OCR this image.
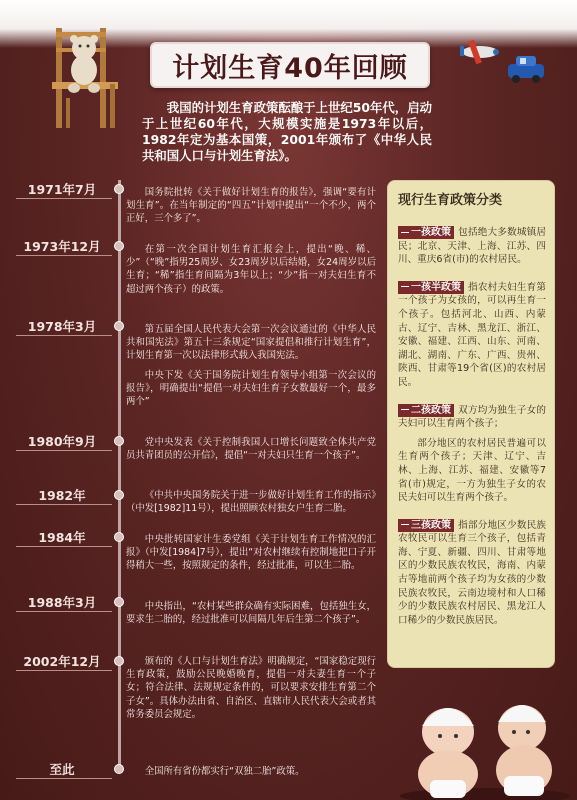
计划生育40年回顾

我国的计划生育政策酝酿于上世纪50年代，启动于上世纪60年代，大规模实施是1973年以后，1982年定为基本国策，2001年颁布了《中华人民共和国人口与计划生育法》。

1971年7月	国务院批转《关于做好计划生育的报告》，强调“要有计划生育”。在当年制定的“四五”计划中提出“一个不少，两个正好，三个多了”。
1973年12月	在第一次全国计划生育汇报会上，提出“晚、稀、少”（“晚”指男25周岁、女23周岁以后结婚，女24周岁以后生育；“稀”指生育间隔为3年以上；“少”指一对夫妇生育不超过两个孩子）的政策。
1978年3月	第五届全国人民代表大会第一次会议通过的《中华人民共和国宪法》第五十三条规定“国家提倡和推行计划生育”，计划生育第一次以法律形式载入我国宪法。
中央下发《关于国务院计划生育领导小组第一次会议的报告》，明确提出“提倡一对夫妇生育子女数最好一个，最多两个”
1980年9月	党中央发表《关于控制我国人口增长问题致全体共产党员共青团员的公开信》，提倡“一对夫妇只生育一个孩子”。
1982年	《中共中央国务院关于进一步做好计划生育工作的指示》（中发[1982]11号），提出照顾农村独女户生育二胎。
1984年	中央批转国家计生委党组《关于计划生育工作情况的汇报》（中发[1984]7号），提出“对农村继续有控制地把口子开得稍大一些，按照规定的条件，经过批准，可以生二胎。
1988年3月	中央指出，“农村某些群众确有实际困难，包括独生女，要求生二胎的，经过批准可以间隔几年后生第二个孩子”。
2002年12月	颁布的《人口与计划生育法》明确规定，“国家稳定现行生育政策，鼓励公民晚婚晚育，提倡一对夫妻生育一个子女；符合法律、法规规定条件的，可以要求安排生育第二个子女”。具体办法由省、自治区、直辖市人民代表大会或者其常务委员会规定。
至此	全国所有省份都实行“双独二胎”政策。
现行生育政策分类
一孩政策 包括绝大多数城镇居民；北京、天津、上海、江苏、四川、重庆6省(市)的农村居民。
一孩半政策 指农村夫妇生育第一个孩子为女孩的，可以再生育一个孩子。包括河北、山西、内蒙古、辽宁、吉林、黑龙江、浙江、安徽、福建、江西、山东、河南、湖北、湖南、广东、广西、贵州、陕西、甘肃等19个省(区)的农村居民。
二孩政策 双方均为独生子女的夫妇可以生育两个孩子；

部分地区的农村居民普遍可以生育两个孩子；天津、辽宁、吉林、上海、江苏、福建、安徽等7省(市)规定，一方为独生子女的农民夫妇可以生育两个孩子。

三孩政策 指部分地区少数民族农牧民可以生育三个孩子，包括青海、宁夏、新疆、四川、甘肃等地区的少数民族农牧民，海南、内蒙古等地前两个孩子均为女孩的少数民族农牧民，云南边境村和人口稀少的少数民族农村居民、黑龙江人口稀少的少数民族居民。
